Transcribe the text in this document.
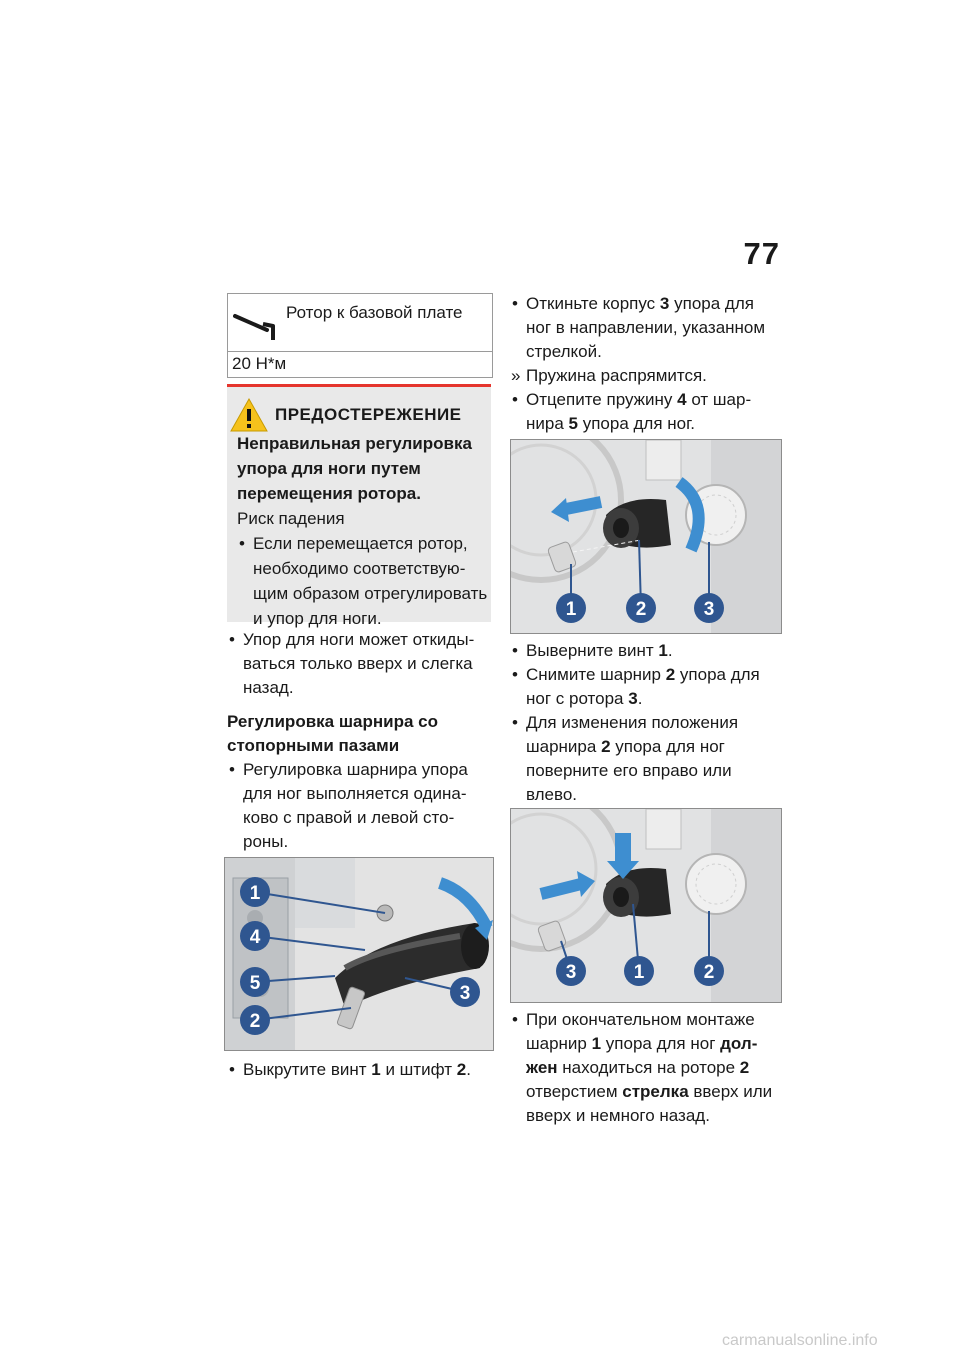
77
Ротор к базовой плате
20 Н*м
ПРЕДОСТЕРЕЖЕНИЕ

Неправильная регулировка упора для ноги путем перемещения ротора.

Риск падения

• Если перемещается ротор, необходимо соответствующим образом отрегулировать и упор для ноги.

• Упор для ноги может откидываться только вверх и слегка назад.

Регулировка шарнира со стопорными пазами

• Регулировка шарнира упора для ног выполняется одинаково с правой и левой стороны.

1
4
5
2
3

• Выкрутите винт 1 и штифт 2.

• Откиньте корпус 3 упора для ног в направлении, указанном стрелкой.

» Пружина распрямится.

• Отцепите пружину 4 от шарнира 5 упора для ног.

1	2	3

• Выверните винт 1.

• Снимите шарнир 2 упора для ног с ротора 3.

• Для изменения положения шарнира 2 упора для ног поверните его вправо или влево.

3	1	2

• При окончательном монтаже шарнир 1 упора для ног должен находиться на роторе 2 отверстием стрелка вверх или вверх и немного назад.

carmanualsonline.info
